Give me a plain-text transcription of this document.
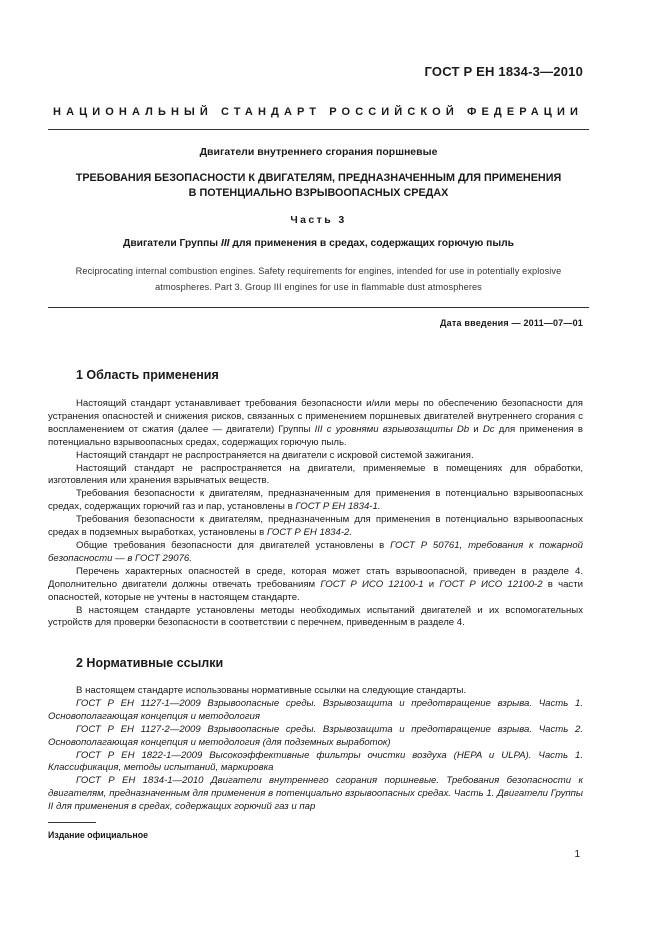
ГОСТ Р ЕН 1834-3—2010
НАЦИОНАЛЬНЫЙ СТАНДАРТ РОССИЙСКОЙ ФЕДЕРАЦИИ
Двигатели внутреннего сгорания поршневые
ТРЕБОВАНИЯ БЕЗОПАСНОСТИ К ДВИГАТЕЛЯМ, ПРЕДНАЗНАЧЕННЫМ ДЛЯ ПРИМЕНЕНИЯ
В ПОТЕНЦИАЛЬНО ВЗРЫВООПАСНЫХ СРЕДАХ
Часть 3
Двигатели Группы III для применения в средах, содержащих горючую пыль
Reciprocating internal combustion engines. Safety requirements for engines, intended for use in potentially explosive
atmospheres. Part 3. Group III engines for use in flammable dust atmospheres
Дата введения — 2011—07—01
1 Область применения

Настоящий стандарт устанавливает требования безопасности и/или меры по обеспечению безопасности для устранения опасностей и снижения рисков, связанных с применением поршневых двигателей внутреннего сгорания с воспламенением от сжатия (далее — двигатели) Группы III с уровнями взрывозащиты Db и Dc для применения в потенциально взрывоопасных средах, содержащих горючую пыль.

Настоящий стандарт не распространяется на двигатели с искровой системой зажигания.

Настоящий стандарт не распространяется на двигатели, применяемые в помещениях для обработки, изготовления или хранения взрывчатых веществ.

Требования безопасности к двигателям, предназначенным для применения в потенциально взрывоопасных средах, содержащих горючий газ и пар, установлены в ГОСТ Р ЕН 1834-1.

Требования безопасности к двигателям, предназначенным для применения в потенциально взрывоопасных средах в подземных выработках, установлены в ГОСТ Р ЕН 1834-2.

Общие требования безопасности для двигателей установлены в ГОСТ Р 50761, требования к пожарной безопасности — в ГОСТ 29076.

Перечень характерных опасностей в среде, которая может стать взрывоопасной, приведен в разделе 4. Дополнительно двигатели должны отвечать требованиям ГОСТ Р ИСО 12100-1 и ГОСТ Р ИСО 12100-2 в части опасностей, которые не учтены в настоящем стандарте.

В настоящем стандарте установлены методы необходимых испытаний двигателей и их вспомогательных устройств для проверки безопасности в соответствии с перечнем, приведенным в разделе 4.

2 Нормативные ссылки

В настоящем стандарте использованы нормативные ссылки на следующие стандарты.

ГОСТ Р ЕН 1127-1—2009 Взрывоопасные среды. Взрывозащита и предотвращение взрыва. Часть 1. Основополагающая концепция и методология

ГОСТ Р ЕН 1127-2—2009 Взрывоопасные среды. Взрывозащита и предотвращение взрыва. Часть 2. Основополагающая концепция и методология (для подземных выработок)

ГОСТ Р ЕН 1822-1—2009 Высокоэффективные фильтры очистки воздуха (HEPA и ULPA). Часть 1. Классификация, методы испытаний, маркировка

ГОСТ Р ЕН 1834-1—2010 Двигатели внутреннего сгорания поршневые. Требования безопасности к двигателям, предназначенным для применения в потенциально взрывоопасных средах. Часть 1. Двигатели Группы II для применения в средах, содержащих горючий газ и пар

Издание официальное
1
